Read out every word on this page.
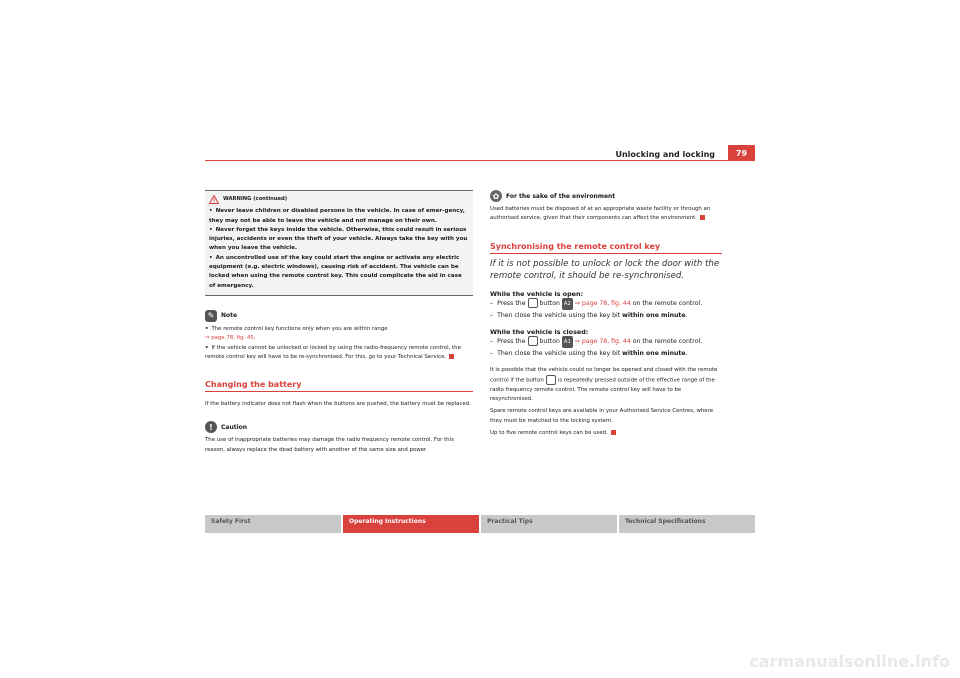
Unlocking and locking	79
WARNING (continued)
• Never leave children or disabled persons in the vehicle. In case of emer-gency, they may not be able to leave the vehicle and not manage on their own.
• Never forget the keys inside the vehicle. Otherwise, this could result in serious injuries, accidents or even the theft of your vehicle. Always take the key with you when you leave the vehicle.
• An uncontrolled use of the key could start the engine or activate any electric equipment (e.g. electric windows), causing risk of accident. The vehicle can be locked when using the remote control key. This could complicate the aid in case of emergency.
✎	Note
• The remote control key functions only when you are within range
⇒ page 78, fig. 45.
• If the vehicle cannot be unlocked or locked by using the radio-frequency remote control, the remote control key will have to be re-synchronised. For this, go to your Technical Service.
Changing the battery
If the battery indicator does not flash when the buttons are pushed, the battery must be replaced.
!	Caution
The use of inappropriate batteries may damage the radio frequency remote control. For this reason, always replace the dead battery with another of the same size and power.
✿	For the sake of the environment
Used batteries must be disposed of at an appropriate waste facility or through an authorised service, given that their components can affect the environment.
Synchronising the remote control key
If it is not possible to unlock or lock the door with the remote control, it should be re-synchronised.
While the vehicle is open:
– Press the button A2 ⇒ page 78, fig. 44 on the remote control.
– Then close the vehicle using the key bit within one minute.
While the vehicle is closed:
– Press the button A1 ⇒ page 78, fig. 44 on the remote control.
– Then close the vehicle using the key bit within one minute.
It is possible that the vehicle could no longer be opened and closed with the remote control if the button	is repeatedly pressed outside of the effective range of the radio frequency remote control. The remote control key will have to be resynchronised.
Spare remote control keys are available in your Authorised Service Centres, where they must be matched to the locking system.
Up to five remote control keys can be used.
Safety First	Operating Instructions	Practical Tips	Technical Specifications
carmanualsonline.info
